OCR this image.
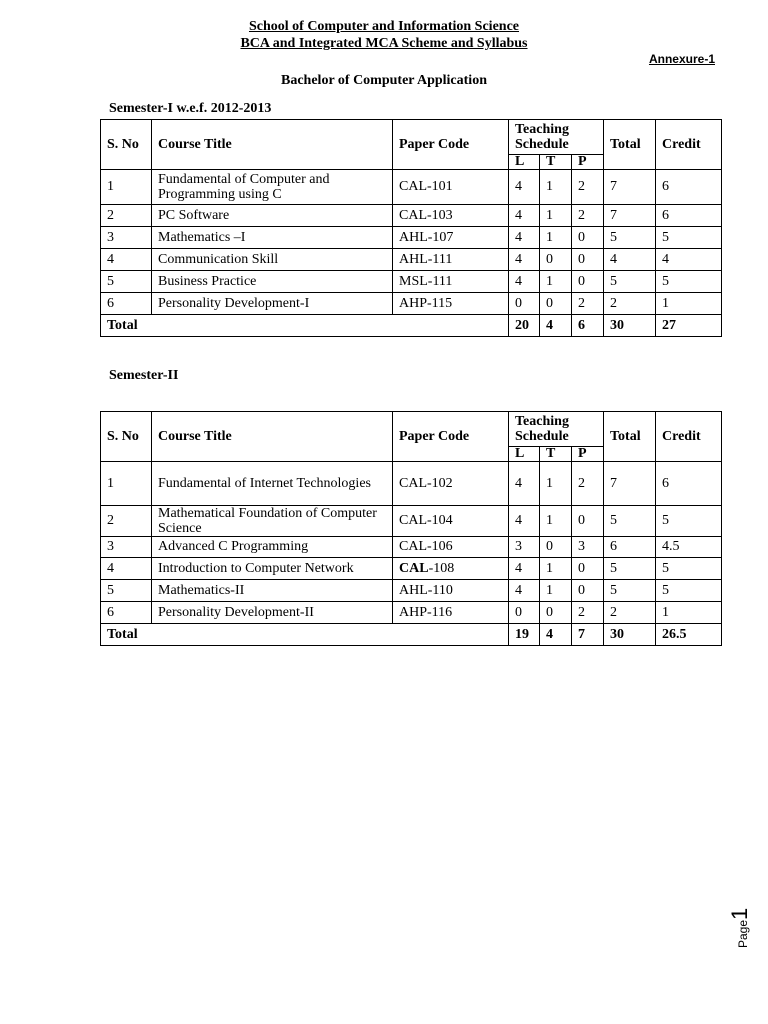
School of Computer and Information Science
BCA and Integrated MCA Scheme and Syllabus
Annexure-1
Bachelor of Computer Application
Semester-I w.e.f. 2012-2013
S. No	Course Title	Paper Code	Teaching Schedule			Total	Credit
			L	T	P		
1	Fundamental of Computer and Programming using C	CAL-101	4	1	2	7	6
2	PC Software	CAL-103	4	1	2	7	6
3	Mathematics –I	AHL-107	4	1	0	5	5
4	Communication Skill	AHL-111	4	0	0	4	4
5	Business Practice	MSL-111	4	1	0	5	5
6	Personality Development-I	AHP-115	0	0	2	2	1
Total			20	4	6	30	27
Semester-II
S. No	Course Title	Paper Code	Teaching Schedule			Total	Credit
			L	T	P		
1	Fundamental of Internet Technologies	CAL-102	4	1	2	7	6
2	Mathematical Foundation of Computer Science	CAL-104	4	1	0	5	5
3	Advanced C Programming	CAL-106	3	0	3	6	4.5
4	Introduction to Computer Network	CAL-108	4	1	0	5	5
5	Mathematics-II	AHL-110	4	1	0	5	5
6	Personality Development-II	AHP-116	0	0	2	2	1
Total			19	4	7	30	26.5
Page1
